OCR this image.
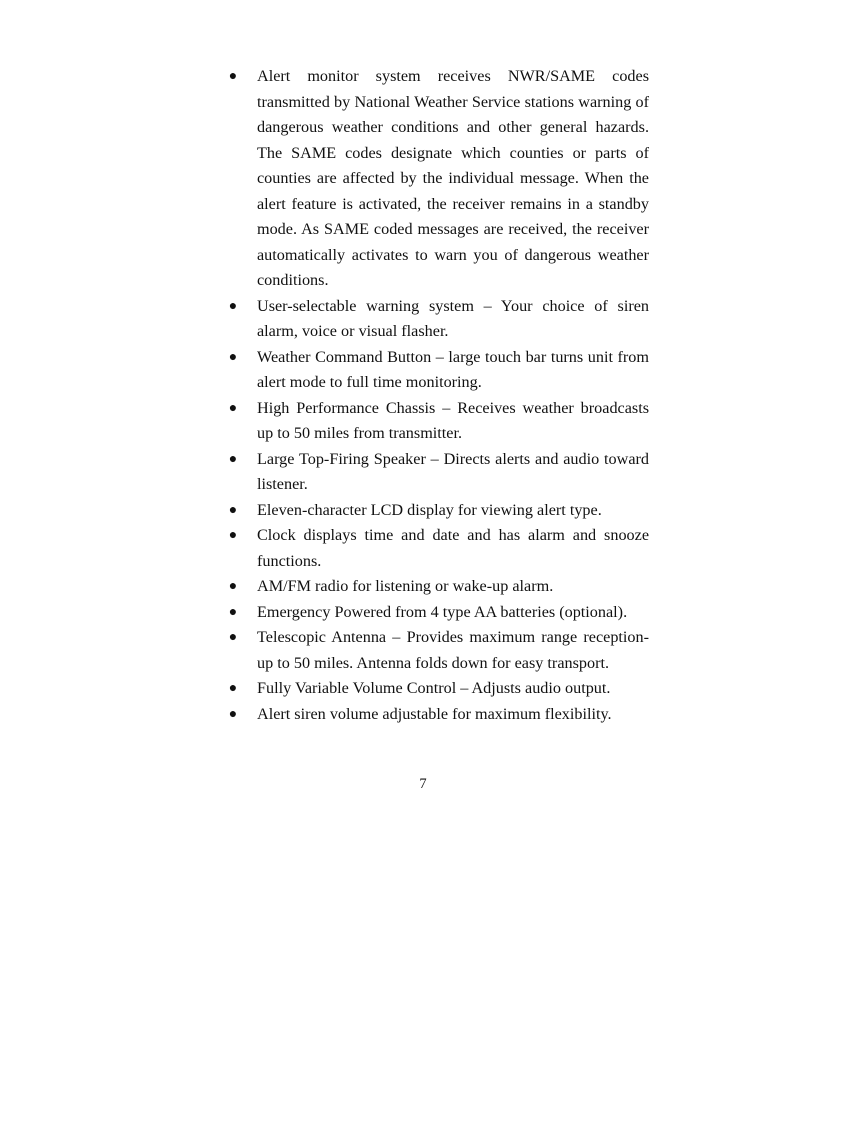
● Alert monitor system receives NWR/SAME codes transmitted by National Weather Service stations warning of dangerous weather conditions and other general hazards. The SAME codes designate which counties or parts of counties are affected by the individual message. When the alert feature is activated, the receiver remains in a standby mode. As SAME coded messages are received, the receiver automatically activates to warn you of dangerous weather conditions.
● User-selectable warning system – Your choice of siren alarm, voice or visual flasher.
● Weather Command Button – large touch bar turns unit from alert mode to full time monitoring.
● High Performance Chassis – Receives weather broadcasts up to 50 miles from transmitter.
● Large Top-Firing Speaker – Directs alerts and audio toward listener.
● Eleven-character LCD display for viewing alert type.
● Clock displays time and date and has alarm and snooze functions.
● AM/FM radio for listening or wake-up alarm.
● Emergency Powered from 4 type AA batteries (optional).
● Telescopic Antenna – Provides maximum range reception-up to 50 miles. Antenna folds down for easy transport.
● Fully Variable Volume Control – Adjusts audio output.
● Alert siren volume adjustable for maximum flexibility.
7
